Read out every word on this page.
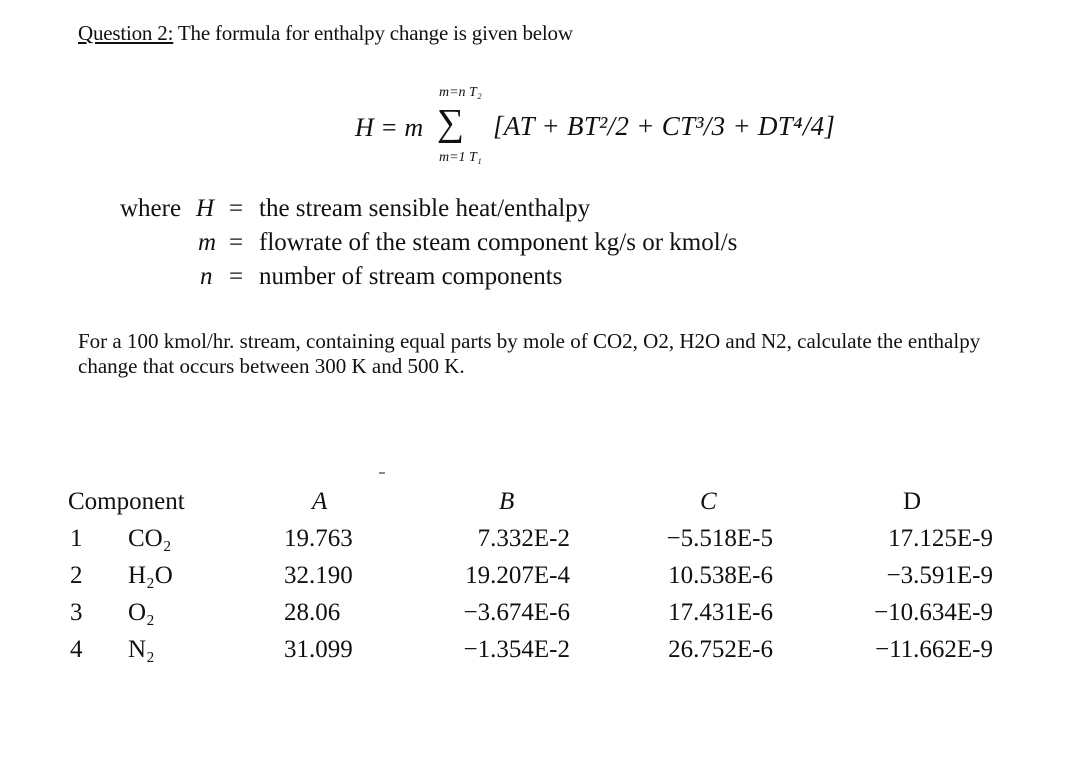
Question 2: The formula for enthalpy change is given below
H = m
m=n T₂
∑
m=1 T₁
[AT + BT²/2 + CT³/3 + DT⁴/4]
where H = the stream sensible heat/enthalpy
m = flowrate of the steam component kg/s or kmol/s
n = number of stream components
For a 100 kmol/hr. stream, containing equal parts by mole of CO2, O2, H2O and N2, calculate the enthalpy change that occurs between 300 K and 500 K.
Component	A	B	C	D
1 CO₂	19.763	7.332E-2	−5.518E-5	17.125E-9
2 H₂O	32.190	19.207E-4	10.538E-6	−3.591E-9
3 O₂	28.06	−3.674E-6	17.431E-6	−10.634E-9
4 N₂	31.099	−1.354E-2	26.752E-6	−11.662E-9
